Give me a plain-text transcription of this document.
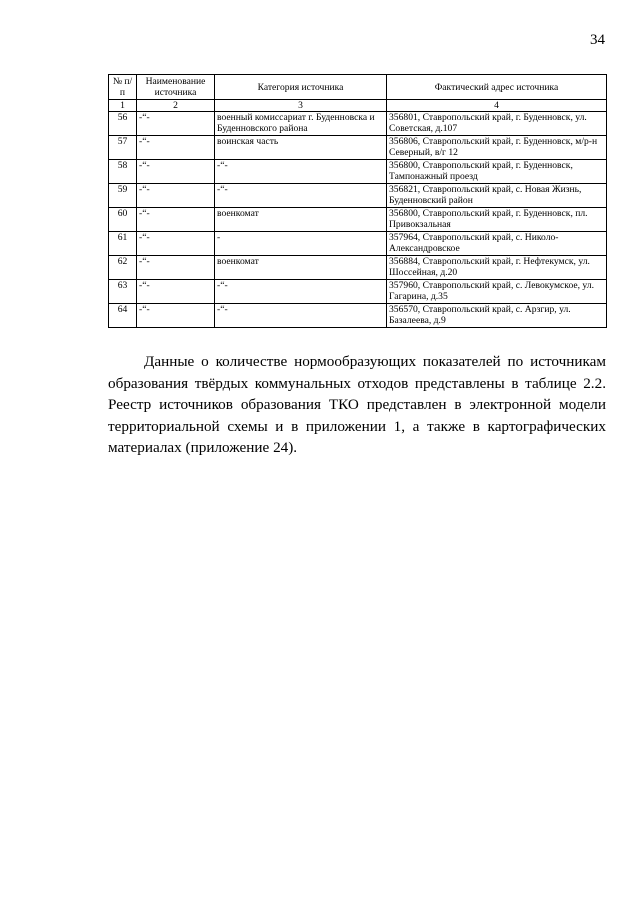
34
№ п/п	Наименование источника	Категория источника	Фактический адрес источника
1	2	3	4
56	-“-	военный комиссариат г. Буденновска и Буденновского района	356801, Ставропольский край, г. Буденновск, ул. Советская, д.107
57	-“-	воинская часть	356806, Ставропольский край, г. Буденновск, м/р-н Северный, в/г 12
58	-“-	-“-	356800, Ставропольский край, г. Буденновск, Тампонажный проезд
59	-“-	-“-	356821, Ставропольский край, с. Новая Жизнь, Буденновский район
60	-“-	военкомат	356800, Ставропольский край, г. Буденновск, пл. Привокзальная
61	-“-	-	357964, Ставропольский край, с. Николо-Александровское
62	-“-	военкомат	356884, Ставропольский край, г. Нефтекумск, ул. Шоссейная, д.20
63	-“-	-“-	357960, Ставропольский край, с. Левокумское, ул. Гагарина, д.35
64	-“-	-“-	356570, Ставропольский край, с. Арзгир, ул. Базалеева, д.9

Данные о количестве нормообразующих показателей по источникам образования твёрдых коммунальных отходов представлены в таблице 2.2. Реестр источников образования ТКО представлен в электронной модели территориальной схемы и в приложении 1, а также в картографических материалах (приложение 24).
